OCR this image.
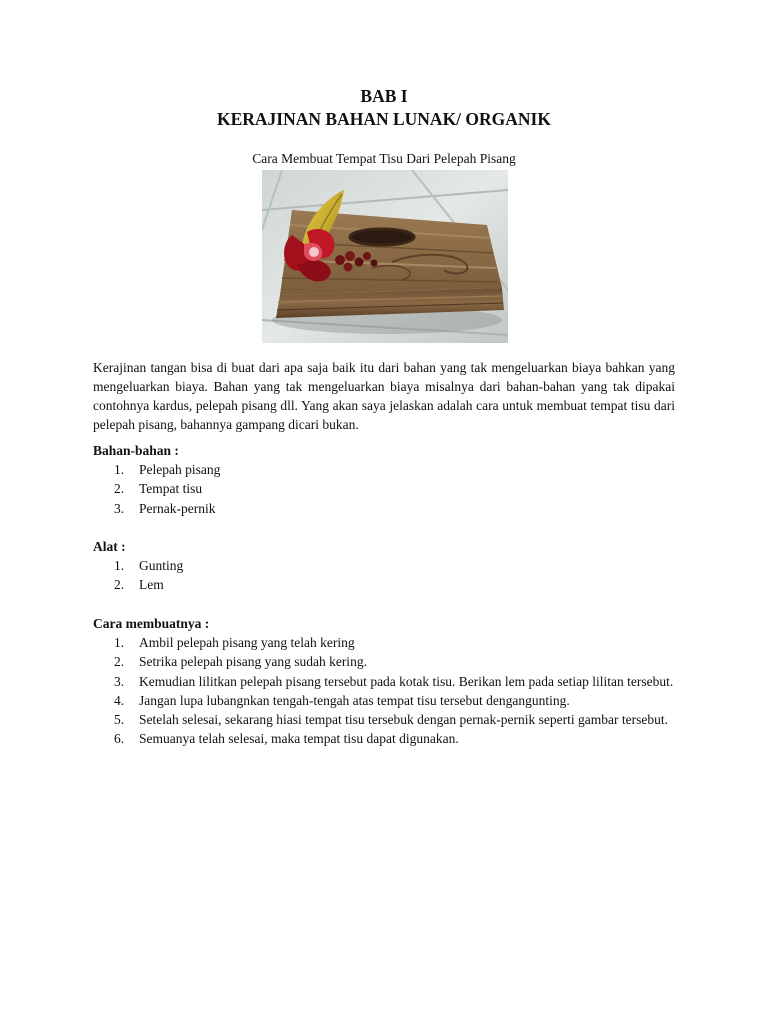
BAB I
KERAJINAN BAHAN LUNAK/ ORGANIK
Cara Membuat Tempat Tisu Dari Pelepah Pisang

Kerajinan tangan bisa di buat dari apa saja baik itu dari bahan yang tak mengeluarkan biaya bahkan yang mengeluarkan biaya. Bahan yang tak mengeluarkan biaya misalnya dari bahan-bahan yang tak dipakai contohnya kardus, pelepah pisang dll. Yang akan saya jelaskan adalah cara untuk membuat tempat tisu dari pelepah pisang, bahannya gampang dicari bukan.

Bahan-bahan :
1. Pelepah pisang
2. Tempat tisu
3. Pernak-pernik
Alat :
1. Gunting
2. Lem
Cara membuatnya :
1. Ambil pelepah pisang yang telah kering
2. Setrika pelepah pisang yang sudah kering.
3. Kemudian lilitkan pelepah pisang tersebut pada kotak tisu. Berikan lem pada setiap lilitan tersebut.
4. Jangan lupa lubangnkan tengah-tengah atas tempat tisu tersebut dengangunting.
5. Setelah selesai, sekarang hiasi tempat tisu tersebuk dengan pernak-pernik seperti gambar tersebut.
6. Semuanya telah selesai, maka tempat tisu dapat digunakan.
